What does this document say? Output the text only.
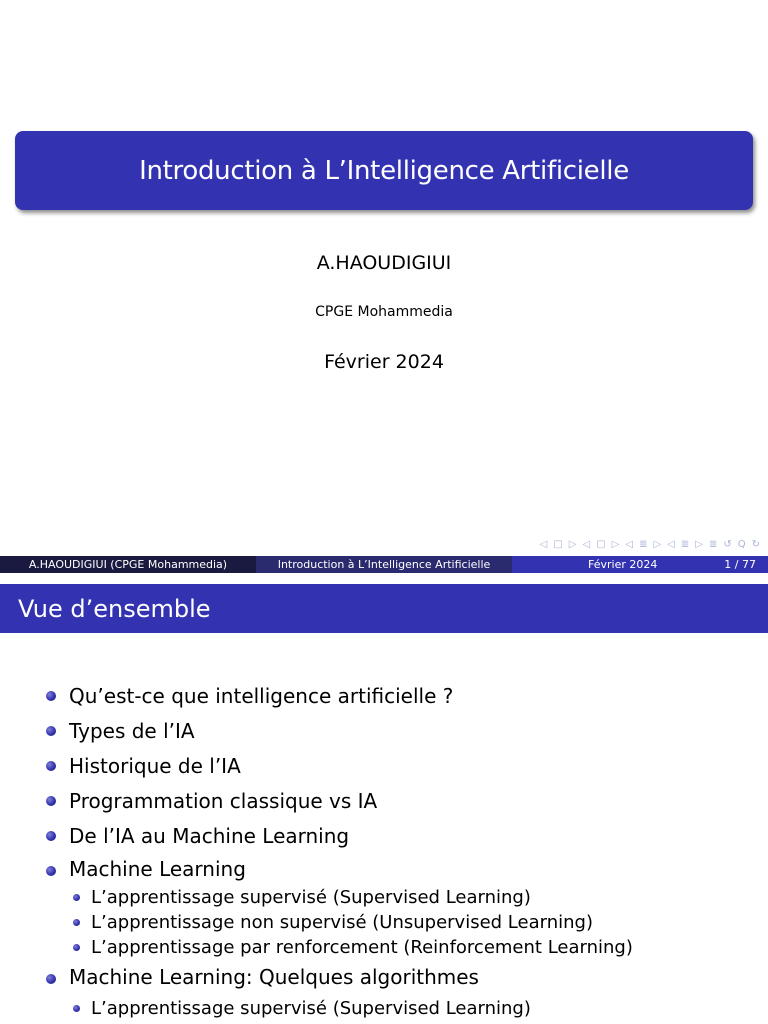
Introduction à L’Intelligence Artificielle
A.HAOUDIGIUI
CPGE Mohammedia
Février 2024
◁ □ ▷ ◁ ▢ ▷ ◁ ≣ ▷ ◁ ≣ ▷ ≣ ↺ Q ↻
A.HAOUDIGIUI (CPGE Mohammedia)	Introduction à L’Intelligence Artificielle	Février 2024	1 / 77
Vue d’ensemble
Qu’est-ce que intelligence artificielle ?
Types de l’IA
Historique de l’IA
Programmation classique vs IA
De l’IA au Machine Learning
Machine Learning
L’apprentissage supervisé (Supervised Learning)
L’apprentissage non supervisé (Unsupervised Learning)
L’apprentissage par renforcement (Reinforcement Learning)
Machine Learning: Quelques algorithmes
L’apprentissage supervisé (Supervised Learning)
